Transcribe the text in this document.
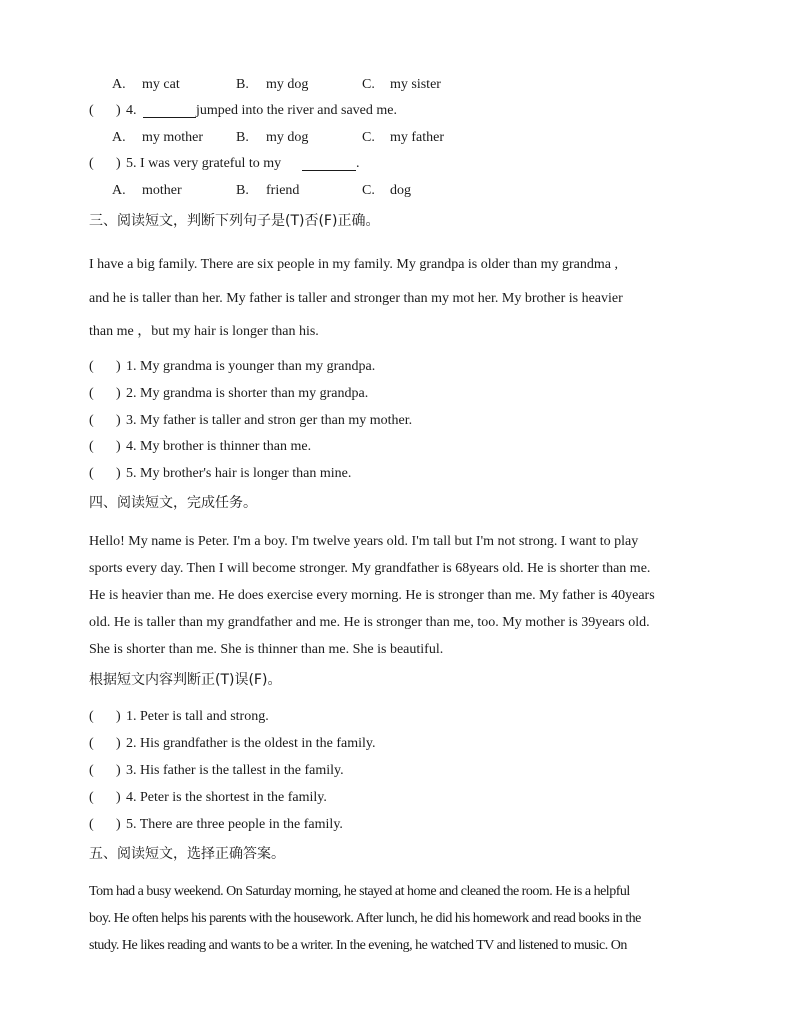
A. my cat	B. my dog	C. my sister
( ) 4.	jumped into the river and saved me.
A. my mother B. my dog	C. my father
( ) 5. I was very grateful to my	.
A. mother	B. friend	C. dog
三、阅读短文，判断下列句子是(T)否(F)正确。
I have a big family. There are six people in my family. My grandpa is older than my grandma ,
and he is taller than her. My father is taller and stronger than my mot her. My brother is heavier
than me ，but my hair is longer than his.
( ) 1. My grandma is younger than my grandpa.
( ) 2. My grandma is shorter than my grandpa.
( ) 3. My father is taller and stron ger than my mother.
( ) 4. My brother is thinner than me.
( ) 5. My brother's hair is longer than mine.
四、阅读短文，完成任务。
Hello! My name is Peter. I'm a boy. I'm twelve years old. I'm tall but I'm not strong. I want to play
sports every day. Then I will become stronger. My grandfather is 68years old. He is shorter than me.
He is heavier than me. He does exercise every morning. He is stronger than me. My father is 40years
old. He is taller than my grandfather and me. He is stronger than me, too. My mother is 39years old.
She is shorter than me. She is thinner than me. She is beautiful.
根据短文内容判断正(T)误(F)。
( ) 1. Peter is tall and strong.
( ) 2. His grandfather is the oldest in the family.
( ) 3. His father is the tallest in the family.
( ) 4. Peter is the shortest in the family.
( ) 5. There are three people in the family.
五、阅读短文，选择正确答案。
Tom had a busy weekend. On Saturday morning, he stayed at home and cleaned the room. He is a helpful
boy. He often helps his parents with the housework. After lunch, he did his homework and read books in the
study. He likes reading and wants to be a writer. In the evening, he watched TV and listened to music. On
